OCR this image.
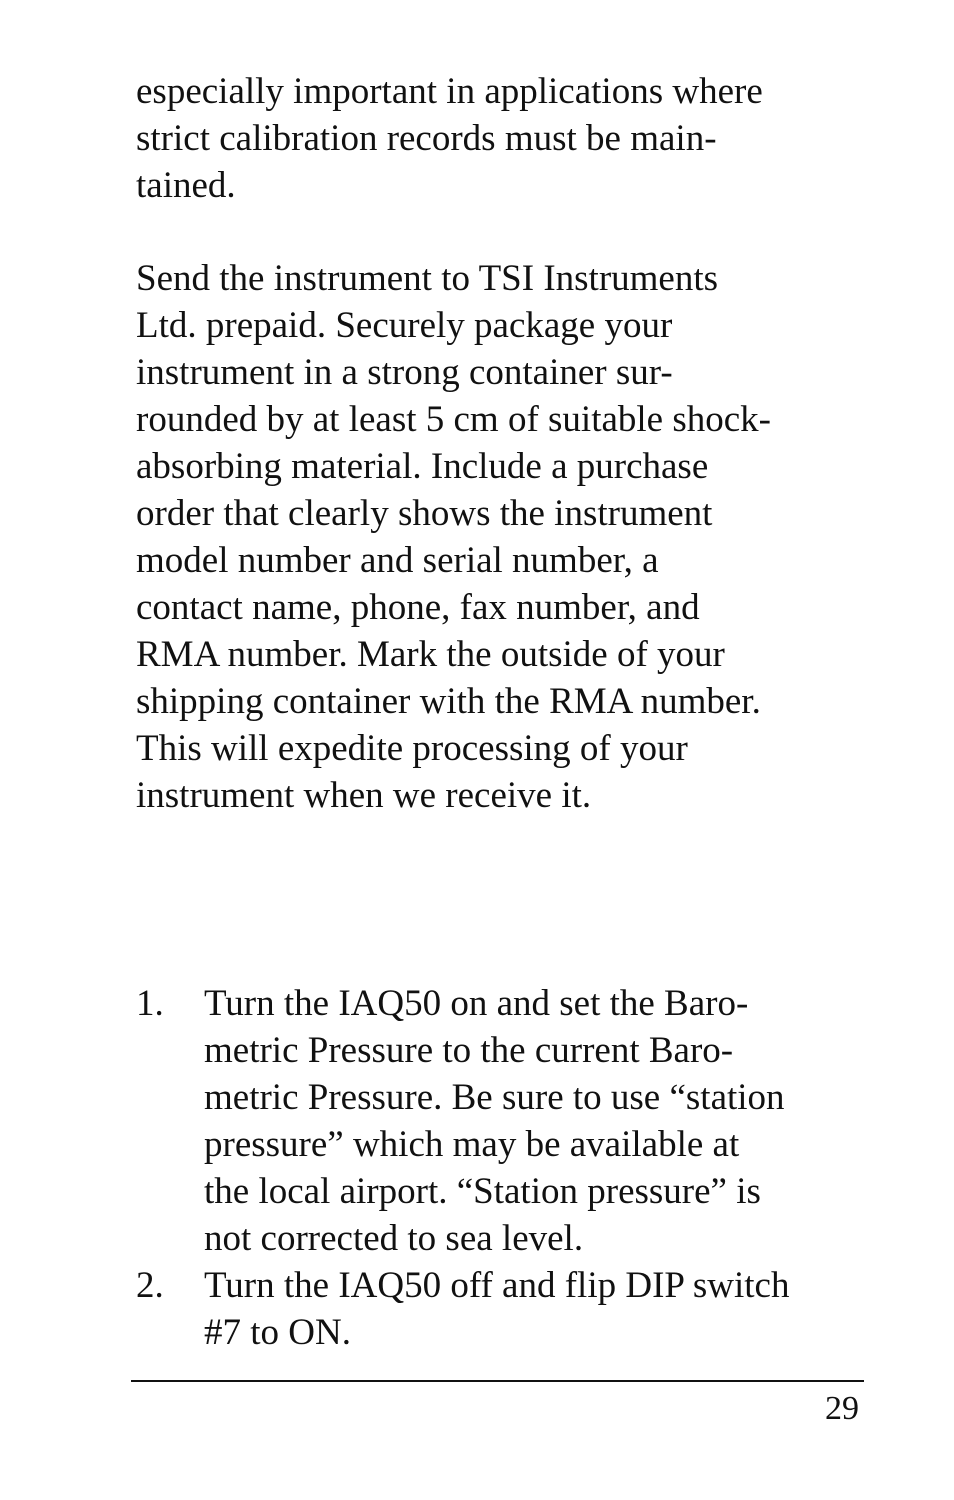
especially important in applications where
strict calibration records must be main-
tained.

Send the instrument to TSI Instruments
Ltd. prepaid. Securely package your
instrument in a strong container sur-
rounded by at least 5 cm of suitable shock-
absorbing material. Include a purchase
order that clearly shows the instrument
model number and serial number, a
contact name, phone, fax number, and
RMA number. Mark the outside of your
shipping container with the RMA number.
This will expedite processing of your
instrument when we receive it.

1.	Turn the IAQ50 on and set the Baro-
metric Pressure to the current Baro-
metric Pressure. Be sure to use “station
pressure” which may be available at
the local airport. “Station pressure” is
not corrected to sea level.
2.	Turn the IAQ50 off and flip DIP switch
#7 to ON.
29
